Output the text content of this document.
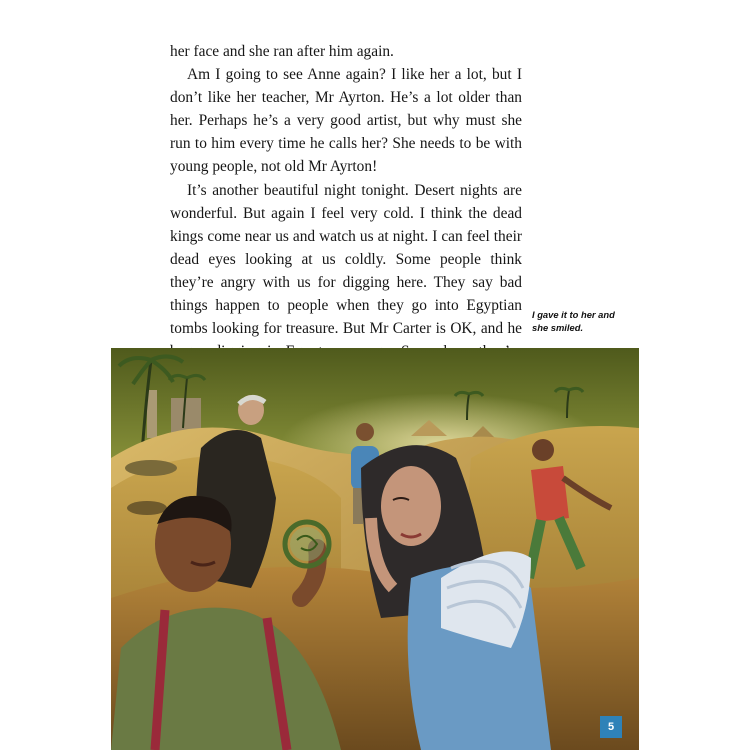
her face and she ran after him again.

Am I going to see Anne again? I like her a lot, but I don’t like her teacher, Mr Ayrton. He’s a lot older than her. Perhaps he’s a very good artist, but why must she run to him every time he calls her? She needs to be with young people, not old Mr Ayrton!

It’s another beautiful night tonight. Desert nights are wonderful. But again I feel very cold. I think the dead kings come near us and watch us at night. I can feel their dead eyes looking at us coldly. Some people think they’re angry with us for digging here. They say bad things happen to people when they go into Egyptian tombs looking for treasure. But Mr Carter is OK, and he

I gave it to her and she smiled.
5
